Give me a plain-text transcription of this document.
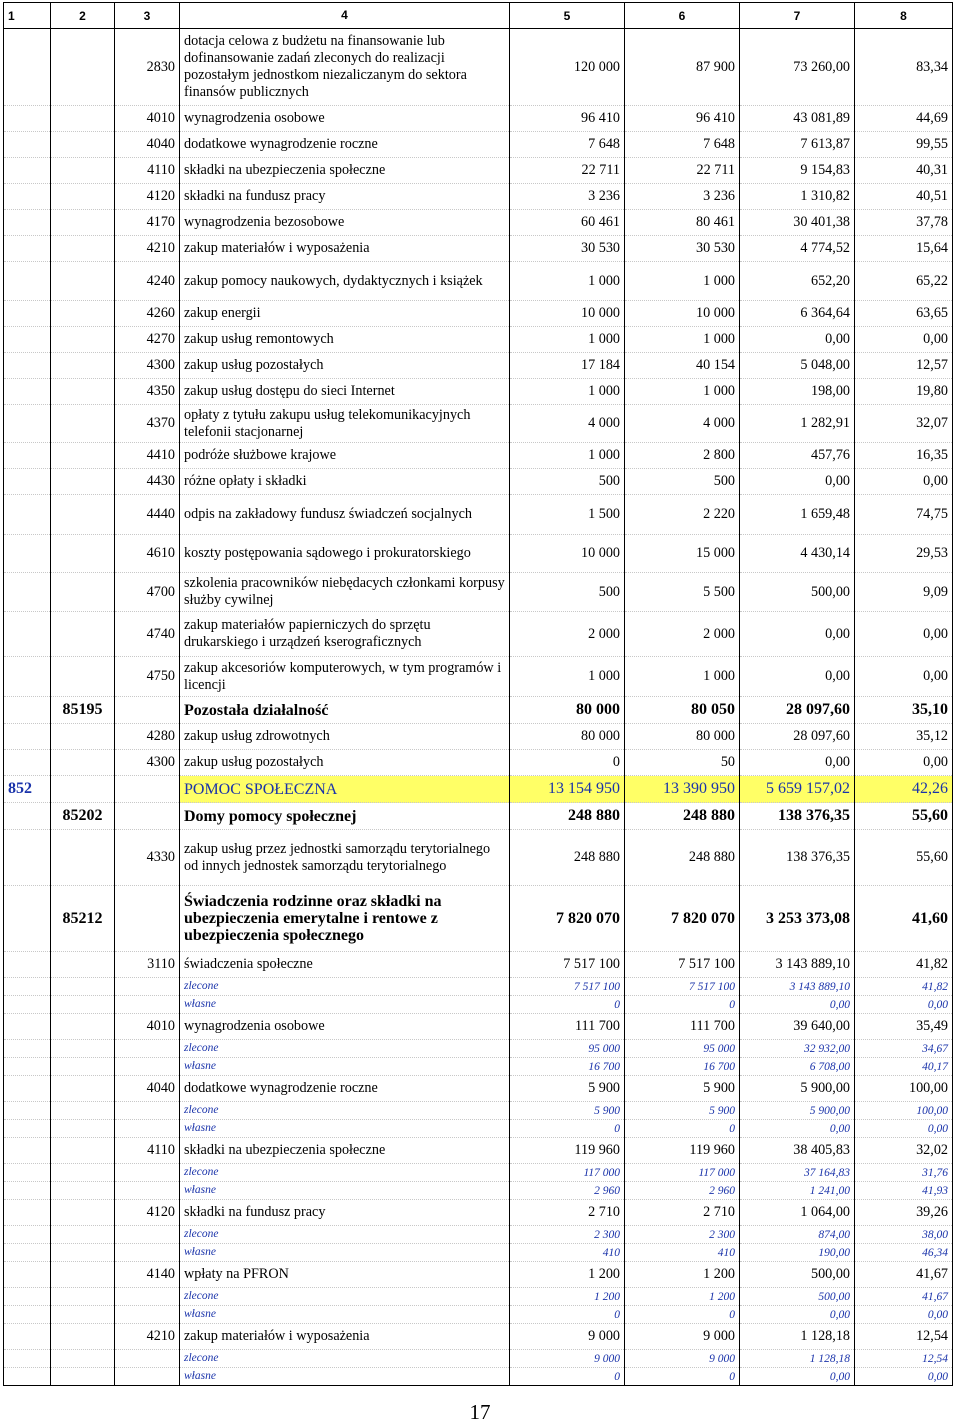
1	2	3	4	5	6	7	8
		2830	dotacja celowa z budżetu na finansowanie lub dofinansowanie zadań zleconych do realizacji pozostałym jednostkom niezaliczanym do sektora finansów publicznych	120 000	87 900	73 260,00	83,34
		4010	wynagrodzenia osobowe	96 410	96 410	43 081,89	44,69
		4040	dodatkowe wynagrodzenie roczne	7 648	7 648	7 613,87	99,55
		4110	składki na ubezpieczenia społeczne	22 711	22 711	9 154,83	40,31
		4120	składki na fundusz pracy	3 236	3 236	1 310,82	40,51
		4170	wynagrodzenia bezosobowe	60 461	80 461	30 401,38	37,78
		4210	zakup materiałów i wyposażenia	30 530	30 530	4 774,52	15,64
		4240	zakup pomocy naukowych, dydaktycznych i książek	1 000	1 000	652,20	65,22
		4260	zakup energii	10 000	10 000	6 364,64	63,65
		4270	zakup usług remontowych	1 000	1 000	0,00	0,00
		4300	zakup usług pozostałych	17 184	40 154	5 048,00	12,57
		4350	zakup usług dostępu do sieci Internet	1 000	1 000	198,00	19,80
		4370	opłaty z tytułu zakupu usług telekomunikacyjnych telefonii stacjonarnej	4 000	4 000	1 282,91	32,07
		4410	podróże służbowe krajowe	1 000	2 800	457,76	16,35
		4430	różne opłaty i składki	500	500	0,00	0,00
		4440	odpis na zakładowy fundusz świadczeń socjalnych	1 500	2 220	1 659,48	74,75
		4610	koszty postępowania sądowego i prokuratorskiego	10 000	15 000	4 430,14	29,53
		4700	szkolenia pracowników niebędacych członkami korpusy służby cywilnej	500	5 500	500,00	9,09
		4740	zakup materiałów papierniczych do sprzętu drukarskiego i urządzeń kserograficznych	2 000	2 000	0,00	0,00
		4750	zakup akcesoriów komputerowych, w tym programów i licencji	1 000	1 000	0,00	0,00
	85195		Pozostała działalność	80 000	80 050	28 097,60	35,10
		4280	zakup usług zdrowotnych	80 000	80 000	28 097,60	35,12
		4300	zakup usług pozostałych	0	50	0,00	0,00
852			POMOC SPOŁECZNA	13 154 950	13 390 950	5 659 157,02	42,26
	85202		Domy pomocy społecznej	248 880	248 880	138 376,35	55,60
		4330	zakup usług przez jednostki samorządu terytorialnego od innych jednostek samorządu terytorialnego	248 880	248 880	138 376,35	55,60
	85212		Świadczenia rodzinne oraz składki na ubezpieczenia emerytalne i rentowe z ubezpieczenia społecznego	7 820 070	7 820 070	3 253 373,08	41,60
		3110	świadczenia społeczne	7 517 100	7 517 100	3 143 889,10	41,82
			zlecone	7 517 100	7 517 100	3 143 889,10	41,82
			własne	0	0	0,00	0,00
		4010	wynagrodzenia osobowe	111 700	111 700	39 640,00	35,49
			zlecone	95 000	95 000	32 932,00	34,67
			własne	16 700	16 700	6 708,00	40,17
		4040	dodatkowe wynagrodzenie roczne	5 900	5 900	5 900,00	100,00
			zlecone	5 900	5 900	5 900,00	100,00
			własne	0	0	0,00	0,00
		4110	składki na ubezpieczenia społeczne	119 960	119 960	38 405,83	32,02
			zlecone	117 000	117 000	37 164,83	31,76
			własne	2 960	2 960	1 241,00	41,93
		4120	składki na fundusz pracy	2 710	2 710	1 064,00	39,26
			zlecone	2 300	2 300	874,00	38,00
			własne	410	410	190,00	46,34
		4140	wpłaty na PFRON	1 200	1 200	500,00	41,67
			zlecone	1 200	1 200	500,00	41,67
			własne	0	0	0,00	0,00
		4210	zakup materiałów i wyposażenia	9 000	9 000	1 128,18	12,54
			zlecone	9 000	9 000	1 128,18	12,54
			własne	0	0	0,00	0,00
17
